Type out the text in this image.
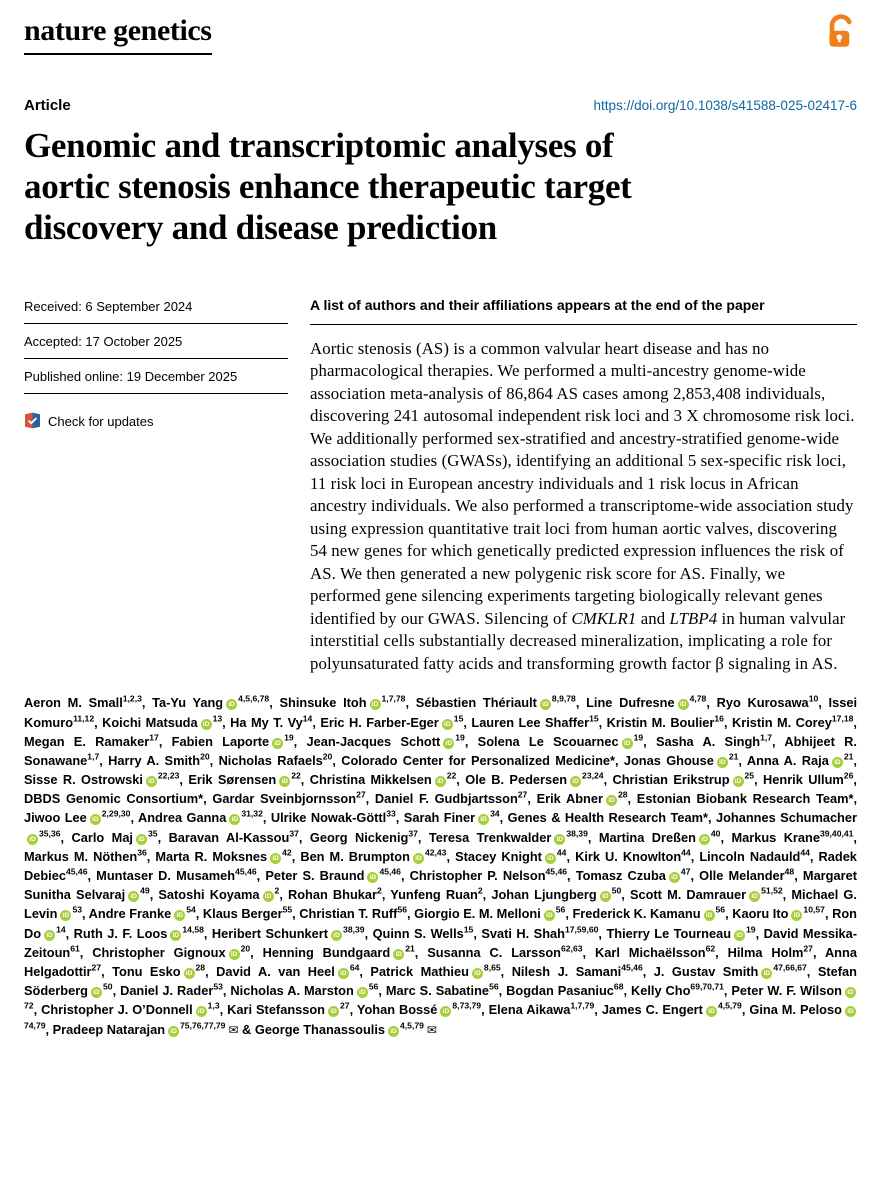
nature genetics
Article	https://doi.org/10.1038/s41588-025-02417-6
Genomic and transcriptomic analyses of
aortic stenosis enhance therapeutic target
discovery and disease prediction
Received: 6 September 2024
Accepted: 17 October 2025
Published online: 19 December 2025
Check for updates
A list of authors and their affiliations appears at the end of the paper

Aortic stenosis (AS) is a common valvular heart disease and has no pharmacological therapies. We performed a multi-ancestry genome-wide association meta-analysis of 86,864 AS cases among 2,853,408 individuals, discovering 241 autosomal independent risk loci and 3 X chromosome risk loci. We additionally performed sex-stratified and ancestry-stratified genome-wide association studies (GWASs), identifying an additional 5 sex-specific risk loci, 11 risk loci in European ancestry individuals and 1 risk locus in African ancestry individuals. We also performed a transcriptome-wide association study using expression quantitative trait loci from human aortic valves, discovering 54 new genes for which genetically predicted expression influences the risk of AS. We then generated a new polygenic risk score for AS. Finally, we performed gene silencing experiments targeting biologically relevant genes identified by our GWAS. Silencing of CMKLR1 and LTBP4 in human valvular interstitial cells substantially decreased mineralization, implicating a role for polyunsaturated fatty acids and transforming growth factor β signaling in AS.

Aeron M. Small$^{1,2,3}$, Ta-Yu Yang iD$^{4,5,6,78}$, Shinsuke Itoh iD$^{1,7,78}$, Sébastien Thériault iD$^{8,9,78}$, Line Dufresne iD$^{4,78}$, Ryo Kurosawa$^{10}$, Issei Komuro$^{11,12}$, Koichi Matsuda $iD^{13}$, Ha My T. Vy$^{14}$, Eric H. Farber-Eger $iD^{15}$, Lauren Lee Shaffer$^{15}$, Kristin M. Boulier$^{16}$, Kristin M. Corey$^{17,18}$, Megan E. Ramaker$^{17}$, Fabien Laporte $iD^{19}$, Jean-Jacques Schott $iD^{19}$, Solena Le Scouarnec $iD^{19}$, Sasha A. Singh$^{1,7}$, Abhijeet R. Sonawane$^{1,7}$, Harry A. Smith$^{20}$, Nicholas Rafaels$^{20}$, Colorado Center for Personalized Medicine*, Jonas Ghouse $iD^{21}$, Anna A. Raja $iD^{21}$, Sisse R. Ostrowski iD$^{22,23}$, Erik Sørensen $iD^{22}$, Christina Mikkelsen $iD^{22}$, Ole B. Pedersen iD$^{23,24}$, Christian Erikstrup $iD^{25}$, Henrik Ullum$^{26}$, DBDS Genomic Consortium*, Gardar Sveinbjornsson$^{27}$, Daniel F. Gudbjartsson$^{27}$, Erik Abner $iD^{28}$, Estonian Biobank Research Team*, Jiwoo Lee iD$^{2,29,30}$, Andrea Ganna iD$^{31,32}$, Ulrike Nowak-Göttl$^{33}$, Sarah Finer $iD^{34}$, Genes & Health Research Team*, Johannes SchumacheriD$^{35,36}$, Carlo Maj $iD^{35}$, Baravan Al-Kassou$^{37}$, Georg Nickenig$^{37}$, Teresa Trenkwalder iD$^{38,39}$, Martina Dreßen $iD^{40}$, Markus Krane$^{39,40,41}$, Markus M. Nöthen$^{36}$, Marta R. Moksnes $iD^{42}$, Ben M. Brumpton iD$^{42,43}$, Stacey Knight $iD^{44}$, Kirk U. Knowlton$^{44}$, Lincoln Nadauld$^{44}$, Radek Debiec$^{45,46}$, Muntaser D. Musameh$^{45,46}$, Peter S. Braund iD$^{45,46}$, Christopher P. Nelson$^{45,46}$, Tomasz Czuba $iD^{47}$, Olle Melander$^{48}$, Margaret Sunitha Selvaraj $iD^{49}$, Satoshi Koyama $iD^2$, Rohan Bhukar$^2$, Yunfeng Ruan$^2$, Johan Ljungberg $iD^{50}$, Scott M. Damrauer iD$^{51,52}$, Michael G. Levin $iD^{53}$, Andre Franke $iD^{54}$, Klaus Berger$^{55}$, Christian T. Ruff$^{56}$, Giorgio E. M. Melloni $iD^{56}$, Frederick K. Kamanu $iD^{56}$, Kaoru Ito iD$^{10,57}$, Ron Do $iD^{14}$, Ruth J. F. Loos iD$^{14,58}$, Heribert Schunkert iD$^{38,39}$, Quinn S. Wells$^{15}$, Svati H. Shah$^{17,59,60}$, Thierry Le Tourneau $iD^{19}$, David Messika-Zeitoun$^{61}$, Christopher Gignoux $iD^{20}$, Henning Bundgaard $iD^{21}$, Susanna C. Larsson$^{62,63}$, Karl Michaëlsson$^{62}$, Hilma Holm$^{27}$, Anna Helgadottir$^{27}$, Tonu Esko $iD^{28}$, David A. van Heel $iD^{64}$, Patrick Mathieu iD$^{8,65}$, Nilesh J. Samani$^{45,46}$, J. Gustav Smith iD$^{47,66,67}$, Stefan Söderberg $iD^{50}$, Daniel J. Rader$^{53}$, Nicholas A. Marston $iD^{56}$, Marc S. Sabatine$^{56}$, Bogdan Pasaniuc$^{68}$, Kelly Cho$^{69,70,71}$, Peter W. F. Wilson $iD^{72}$, Christopher J. O’Donnell iD$^{1,3}$, Kari Stefansson $iD^{27}$, Yohan Bossé iD$^{8,73,79}$, Elena Aikawa$^{1,7,79}$, James C. Engert iD$^{4,5,79}$, Gina M. Peloso iD$^{74,79}$, Pradeep Natarajan iD$^{75,76,77,79}$ ✉ & George Thanassoulis iD$^{4,5,79}$ ✉
